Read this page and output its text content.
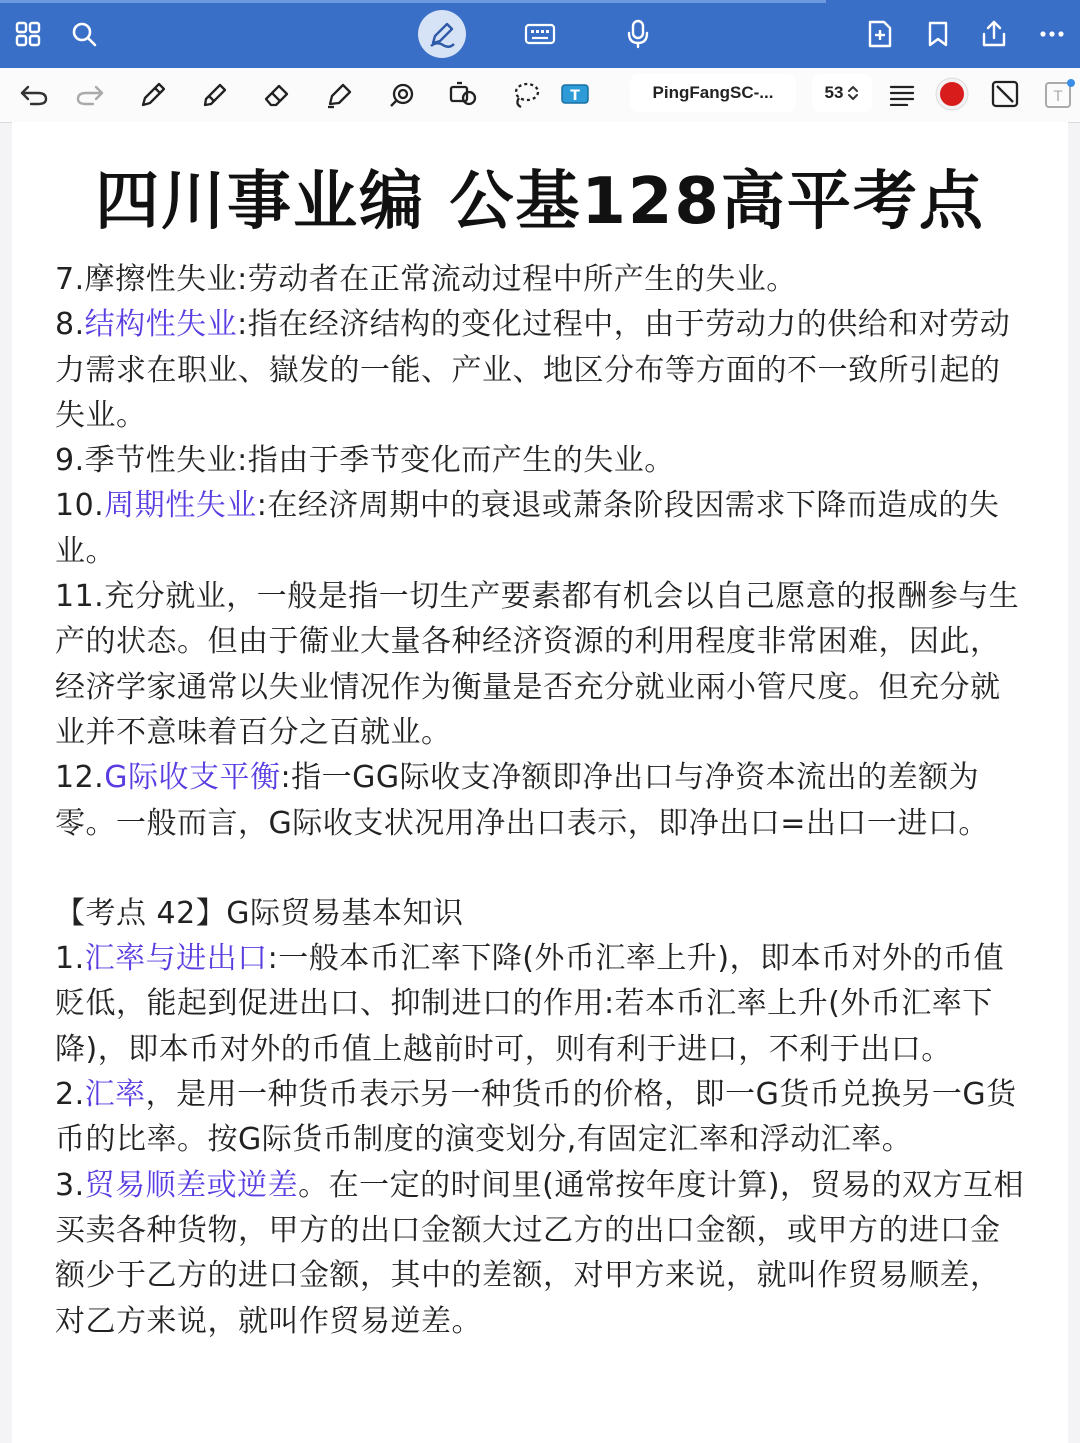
T	PingFangSC-...	53	T
四川事业编 公基128高平考点

7.摩擦性失业:劳动者在正常流动过程中所产生的失业。

8.结构性失业:指在经济结构的变化过程中，由于劳动力的供给和对劳动力需求在职业、嶽发的一能、产业、地区分布等方面的不一致所引起的失业。

9.季节性失业:指由于季节变化而产生的失业。

10.周期性失业:在经济周期中的衰退或萧条阶段因需求下降而造成的失业。

11.充分就业，一般是指一切生产要素都有机会以自己愿意的报酬参与生产的状态。但由于衞业大量各种经济资源的利用程度非常困难，因此，经济学家通常以失业情况作为衡量是否充分就业兩小管尺度。但充分就业并不意味着百分之百就业。

12.G际收支平衡:指一GG际收支净额即净出口与净资本流出的差额为零。一般而言，G际收支状况用净出口表示，即净出口=出口一进口。

【考点 42】G际贸易基本知识

1.汇率与进出口:一般本币汇率下降(外币汇率上升)，即本币对外的币值贬低，能起到促进出口、抑制进口的作用:若本币汇率上升(外币汇率下降)，即本币对外的币值上越前时可，则有利于进口，不利于出口。

2.汇率，是用一种货币表示另一种货币的价格，即一G货币兑换另一G货币的比率。按G际货币制度的演变划分,有固定汇率和浮动汇率。

3.贸易顺差或逆差。在一定的时间里(通常按年度计算)，贸易的双方互相买卖各种货物，甲方的出口金额大过乙方的出口金额，或甲方的进口金额少于乙方的进口金额，其中的差额，对甲方来说，就叫作贸易顺差，对乙方来说，就叫作贸易逆差。
